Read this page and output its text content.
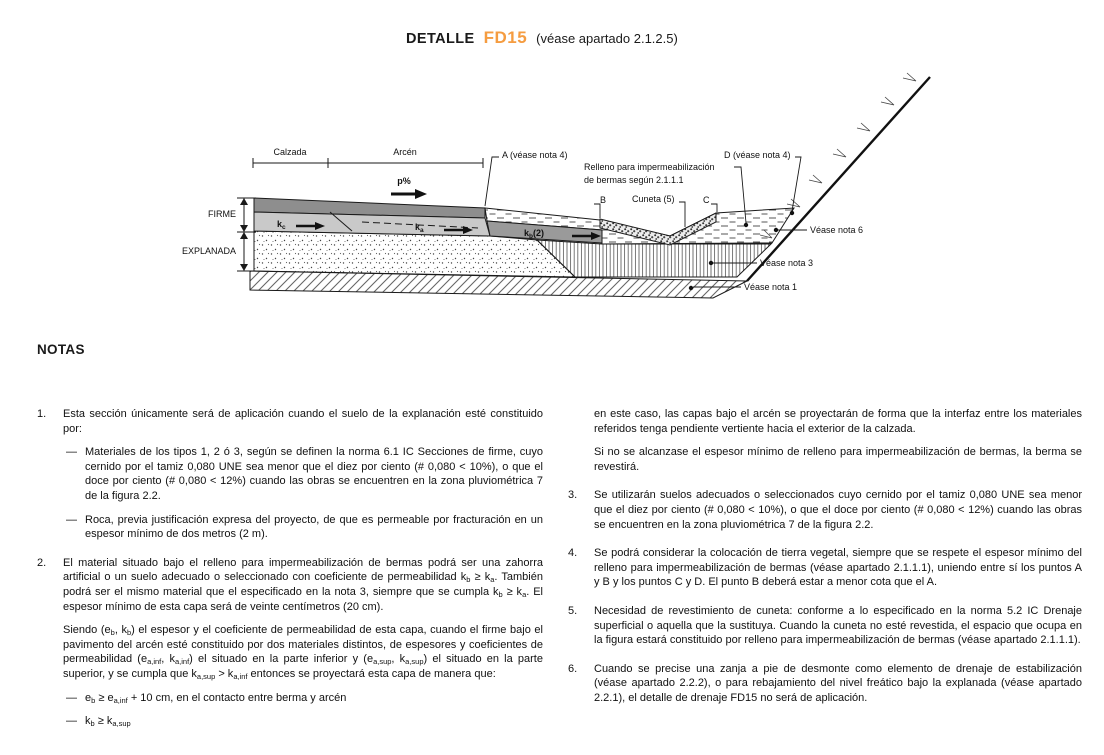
DETALLE FD15 (véase apartado 2.1.2.5)
Calzada	Arcén
p%
FIRME
EXPLANADA
$k_c$	$k_a$	$k_b(2)$
A (véase nota 4)
Relleno para impermeabilización
de bermas según 2.1.1.1
D (véase nota 4)
B	Cuneta (5)	C
Véase nota 6
Véase nota 3
Véase nota 1
NOTAS
1.	Esta sección únicamente será de aplicación cuando el suelo de la explanación esté constituido por:

— Materiales de los tipos 1, 2 ó 3, según se definen la norma 6.1 IC Secciones de firme, cuyo cernido por el tamiz 0,080 UNE sea menor que el diez por ciento (# 0,080 < 10%), o que el doce por ciento (# 0,080 < 12%) cuando las obras se encuentren en la zona pluviométrica 7 de la figura 2.2.

— Roca, previa justificación expresa del proyecto, de que es permeable por fracturación en un espesor mínimo de dos metros (2 m).

2.	El material situado bajo el relleno para impermeabilización de bermas podrá ser una zahorra artificial o un suelo adecuado o seleccionado con coeficiente de permeabilidad $k_b \ge k_a$. También podrá ser el mismo material que el especificado en la nota 3, siempre que se cumpla $k_b \ge k_a$. El espesor mínimo de esta capa será de veinte centímetros (20 cm).

Siendo ($e_b$, $k_b$) el espesor y el coeficiente de permeabilidad de esta capa, cuando el firme bajo el pavimento del arcén esté constituido por dos materiales distintos, de espesores y coeficientes de permeabilidad ($e_{a,inf}$, $k_{a,inf}$) el situado en la parte inferior y ($e_{a,sup}$, $k_{a,sup}$) el situado en la parte superior, y se cumpla que $k_{a,sup} > k_{a,inf}$ entonces se proyectará esta capa de manera que:

— $e_b \ge e_{a,inf} + 10$ cm, en el contacto entre berma y arcén

— $k_b \ge k_{a,sup}$

en este caso, las capas bajo el arcén se proyectarán de forma que la interfaz entre los materiales referidos tenga pendiente vertiente hacia el exterior de la calzada.

Si no se alcanzase el espesor mínimo de relleno para impermeabilización de bermas, la berma se revestirá.

3.	Se utilizarán suelos adecuados o seleccionados cuyo cernido por el tamiz 0,080 UNE sea menor que el diez por ciento (# 0,080 < 10%), o que el doce por ciento (# 0,080 < 12%) cuando las obras se encuentren en la zona pluviométrica 7 de la figura 2.2.

4.	Se podrá considerar la colocación de tierra vegetal, siempre que se respete el espesor mínimo del relleno para impermeabilización de bermas (véase apartado 2.1.1.1), uniendo entre sí los puntos A y B y los puntos C y D. El punto B deberá estar a menor cota que el A.

5.	Necesidad de revestimiento de cuneta: conforme a lo especificado en la norma 5.2 IC Drenaje superficial o aquella que la sustituya. Cuando la cuneta no esté revestida, el espacio que ocupa en la figura estará constituido por relleno para impermeabilización de bermas (véase apartado 2.1.1.1).

6.	Cuando se precise una zanja a pie de desmonte como elemento de drenaje de estabilización (véase apartado 2.2.2), o para rebajamiento del nivel freático bajo la explanada (véase apartado 2.2.1), el detalle de drenaje FD15 no será de aplicación.
